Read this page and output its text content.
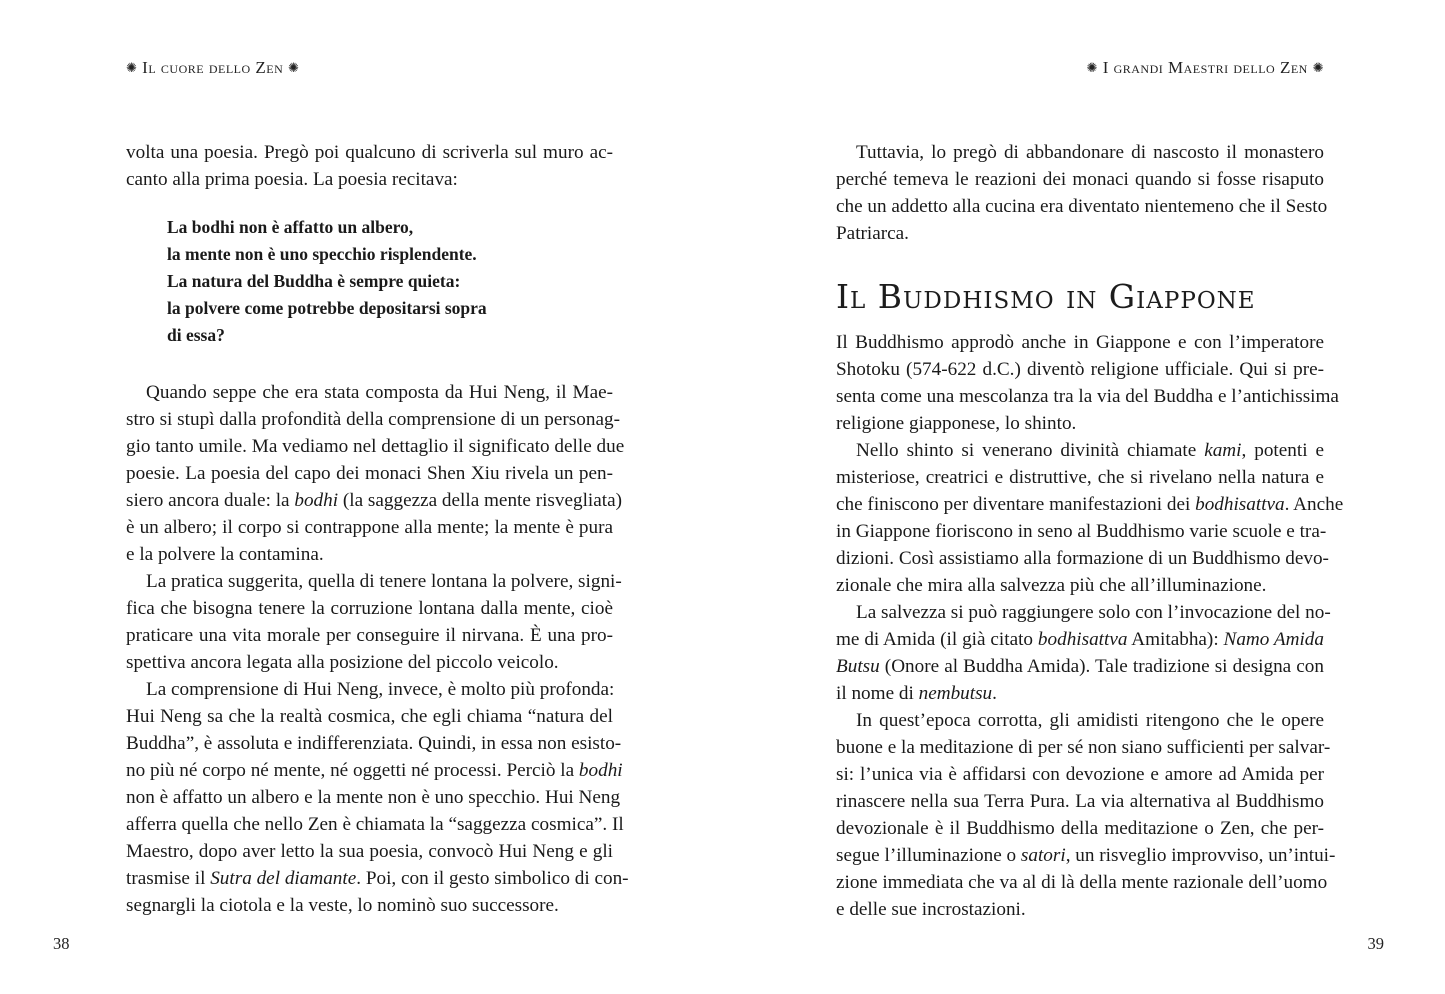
✺ Il cuore dello Zen ✺
volta una poesia. Pregò poi qualcuno di scriverla sul muro ac-
canto alla prima poesia. La poesia recitava:
La bodhi non è affatto un albero,
la mente non è uno specchio risplendente.
La natura del Buddha è sempre quieta:
la polvere come potrebbe depositarsi sopra
di essa?
Quando seppe che era stata composta da Hui Neng, il Mae-
stro si stupì dalla profondità della comprensione di un personag-
gio tanto umile. Ma vediamo nel dettaglio il significato delle due
poesie. La poesia del capo dei monaci Shen Xiu rivela un pen-
siero ancora duale: la bodhi (la saggezza della mente risvegliata)
è un albero; il corpo si contrappone alla mente; la mente è pura
e la polvere la contamina.
La pratica suggerita, quella di tenere lontana la polvere, signi-
fica che bisogna tenere la corruzione lontana dalla mente, cioè
praticare una vita morale per conseguire il nirvana. È una pro-
spettiva ancora legata alla posizione del piccolo veicolo.
La comprensione di Hui Neng, invece, è molto più profonda:
Hui Neng sa che la realtà cosmica, che egli chiama “natura del
Buddha”, è assoluta e indifferenziata. Quindi, in essa non esisto-
no più né corpo né mente, né oggetti né processi. Perciò la bodhi
non è affatto un albero e la mente non è uno specchio. Hui Neng
afferra quella che nello Zen è chiamata la “saggezza cosmica”. Il
Maestro, dopo aver letto la sua poesia, convocò Hui Neng e gli
trasmise il Sutra del diamante. Poi, con il gesto simbolico di con-
segnargli la ciotola e la veste, lo nominò suo successore.
38
✺ I grandi Maestri dello Zen ✺
Tuttavia, lo pregò di abbandonare di nascosto il monastero
perché temeva le reazioni dei monaci quando si fosse risaputo
che un addetto alla cucina era diventato nientemeno che il Sesto
Patriarca.
Il Buddhismo in Giappone
Il Buddhismo approdò anche in Giappone e con l’imperatore
Shotoku (574-622 d.C.) diventò religione ufficiale. Qui si pre-
senta come una mescolanza tra la via del Buddha e l’antichissima
religione giapponese, lo shinto.
Nello shinto si venerano divinità chiamate kami, potenti e
misteriose, creatrici e distruttive, che si rivelano nella natura e
che finiscono per diventare manifestazioni dei bodhisattva. Anche
in Giappone fioriscono in seno al Buddhismo varie scuole e tra-
dizioni. Così assistiamo alla formazione di un Buddhismo devo-
zionale che mira alla salvezza più che all’illuminazione.
La salvezza si può raggiungere solo con l’invocazione del no-
me di Amida (il già citato bodhisattva Amitabha): Namo Amida
Butsu (Onore al Buddha Amida). Tale tradizione si designa con
il nome di nembutsu.
In quest’epoca corrotta, gli amidisti ritengono che le opere
buone e la meditazione di per sé non siano sufficienti per salvar-
si: l’unica via è affidarsi con devozione e amore ad Amida per
rinascere nella sua Terra Pura. La via alternativa al Buddhismo
devozionale è il Buddhismo della meditazione o Zen, che per-
segue l’illuminazione o satori, un risveglio improvviso, un’intui-
zione immediata che va al di là della mente razionale dell’uomo
e delle sue incrostazioni.
39
